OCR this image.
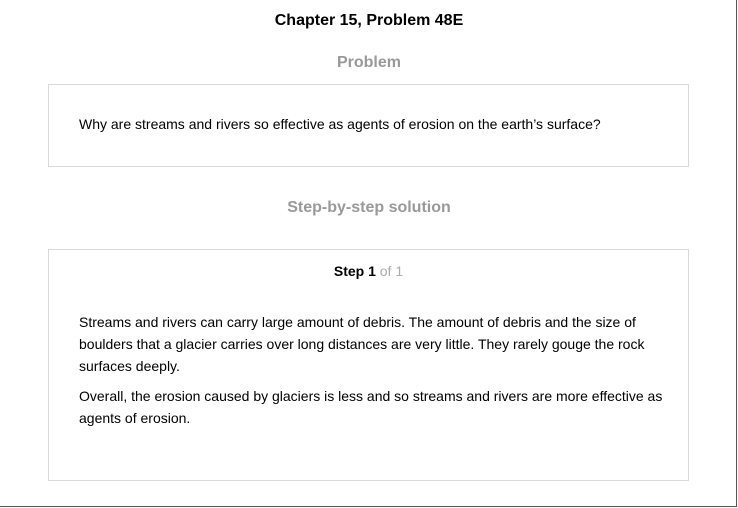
Chapter 15, Problem 48E
Problem
Why are streams and rivers so effective as agents of erosion on the earth’s surface?
Step-by-step solution
Step 1 of 1

Streams and rivers can carry large amount of debris. The amount of debris and the size of boulders that a glacier carries over long distances are very little. They rarely gouge the rock surfaces deeply.

Overall, the erosion caused by glaciers is less and so streams and rivers are more effective as agents of erosion.
